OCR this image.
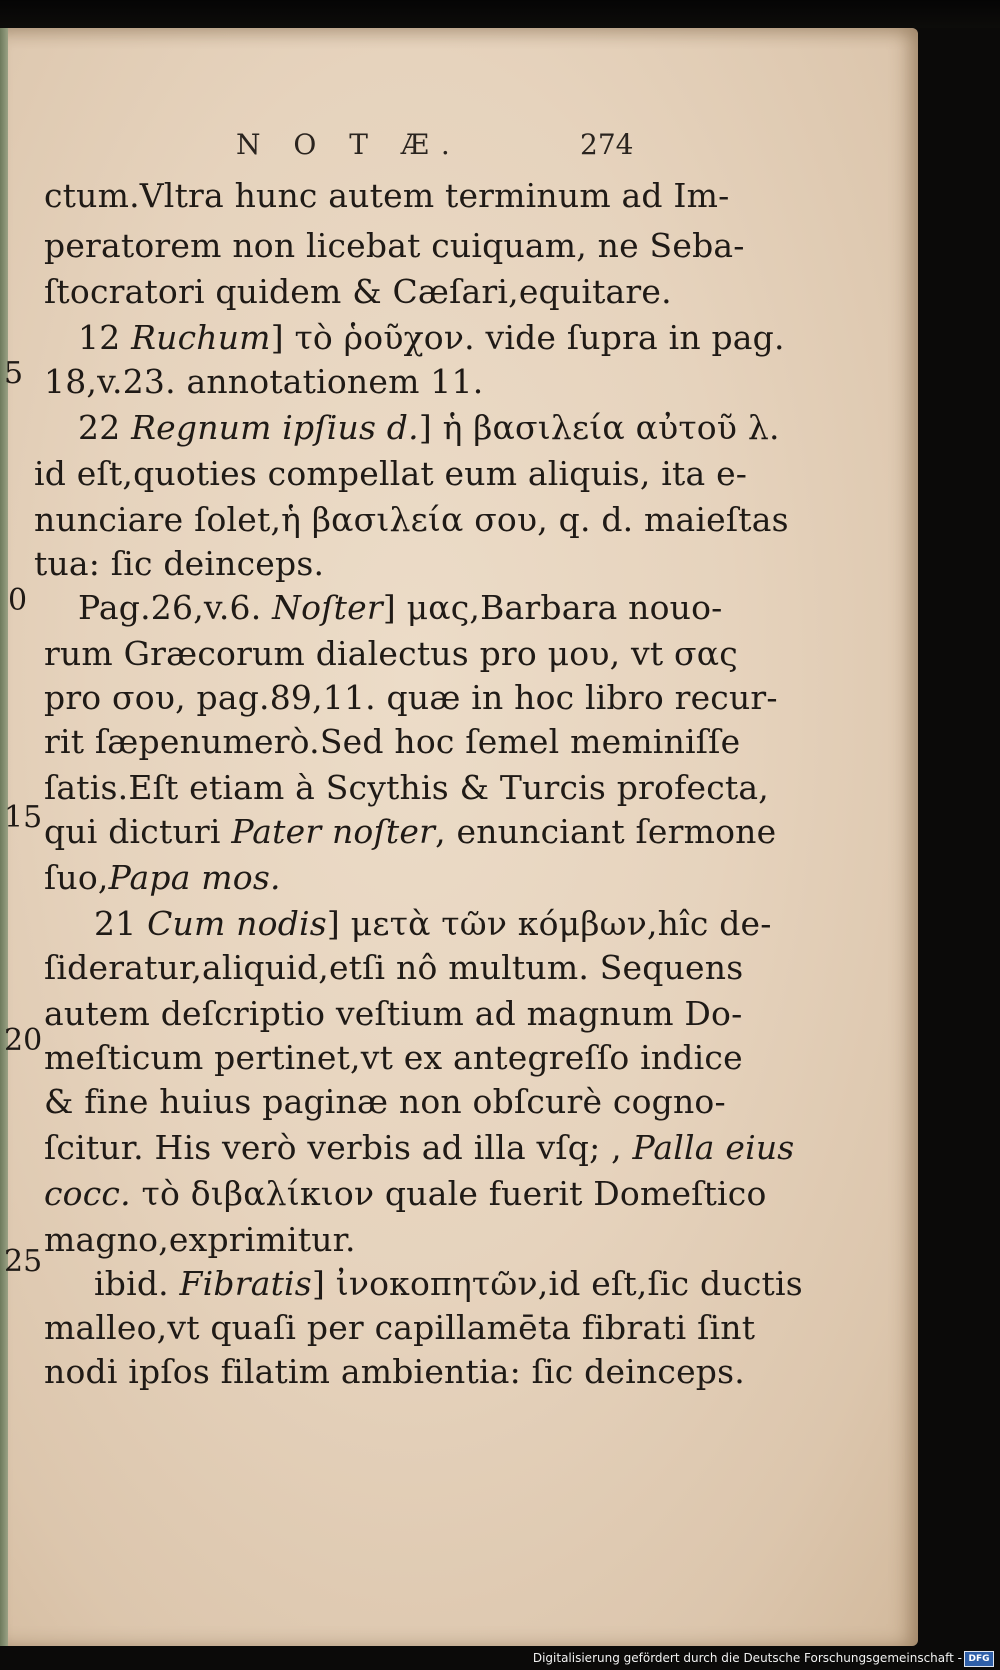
N O T Æ.	274
5
0
15
20
25
ctum.Vltra hunc autem terminum ad Im-
peratorem non licebat cuiquam, ne Seba-
ſtocratori quidem & Cæſari,equitare.
12 Ruchum] τὸ ῥοῦχον. vide ſupra in pag.
18,v.23. annotationem 11.
22 Regnum ipſius d.] ἡ βασιλεία αὐτοῦ λ.
id eſt,quoties compellat eum aliquis, ita e-
nunciare ſolet,ἡ βασιλεία σου, q. d. maieſtas
tua: ſic deinceps.
Pag.26,v.6. Noſter] μας,Barbara nouo-
rum Græcorum dialectus pro μου, vt σας
pro σου, pag.89,11. quæ in hoc libro recur-
rit ſæpenumerò.Sed hoc ſemel meminiſſe
ſatis.Eſt etiam à Scythis & Turcis profecta,
qui dicturi Pater noſter, enunciant ſermone
ſuo,Papa mos.
21 Cum nodis] μετὰ τῶν κόμβων,hîc de-
ſideratur,aliquid,etſi nô multum. Sequens
autem deſcriptio veſtium ad magnum Do-
meſticum pertinet,vt ex antegreſſo indice
& fine huius paginæ non obſcurè cogno-
ſcitur. His verò verbis ad illa vſq; , Palla eius
cocc. τὸ διβαλίκιον quale fuerit Domeſtico
magno,exprimitur.
ibid. Fibratis] ἰνοκοπητῶν,id eſt,ſic ductis
malleo,vt quaſi per capillamēta fibrati ſint
nodi ipſos filatim ambientia: ſic deinceps.
Digitalisierung gefördert durch die Deutsche Forschungsgemeinschaft - DFG
